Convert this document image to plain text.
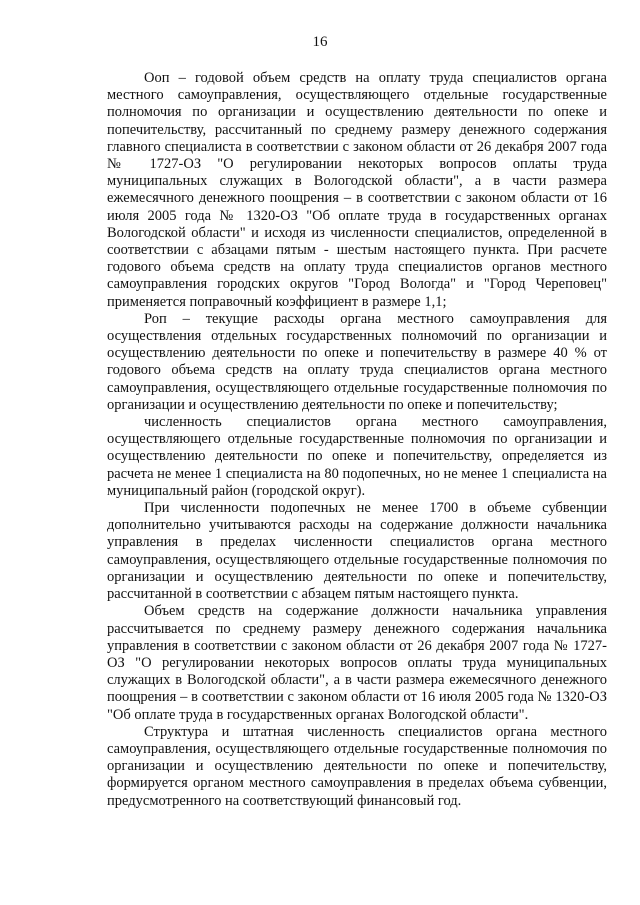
16

Ооп – годовой объем средств на оплату труда специалистов органа местного самоуправления, осуществляющего отдельные государственные полномочия по организации и осуществлению деятельности по опеке и попечительству, рассчитанный по среднему размеру денежного содержания главного специалиста в соответствии с законом области от 26 декабря 2007 года № 1727-ОЗ "О регулировании некоторых вопросов оплаты труда муниципальных служащих в Вологодской области", а в части размера ежемесячного денежного поощрения – в соответствии с законом области от 16 июля 2005 года № 1320-ОЗ "Об оплате труда в государственных органах Вологодской области" и исходя из численности специалистов, определенной в соответствии с абзацами пятым - шестым настоящего пункта. При расчете годового объема средств на оплату труда специалистов органов местного самоуправления городских округов "Город Вологда" и "Город Череповец" применяется поправочный коэффициент в размере 1,1;

Роп – текущие расходы органа местного самоуправления для осуществления отдельных государственных полномочий по организации и осуществлению деятельности по опеке и попечительству в размере 40 % от годового объема средств на оплату труда специалистов органа местного самоуправления, осуществляющего отдельные государственные полномочия по организации и осуществлению деятельности по опеке и попечительству;

численность специалистов органа местного самоуправления, осуществляющего отдельные государственные полномочия по организации и осуществлению деятельности по опеке и попечительству, определяется из расчета не менее 1 специалиста на 80 подопечных, но не менее 1 специалиста на муниципальный район (городской округ).

При численности подопечных не менее 1700 в объеме субвенции дополнительно учитываются расходы на содержание должности начальника управления в пределах численности специалистов органа местного самоуправления, осуществляющего отдельные государственные полномочия по организации и осуществлению деятельности по опеке и попечительству, рассчитанной в соответствии с абзацем пятым настоящего пункта.

Объем средств на содержание должности начальника управления рассчитывается по среднему размеру денежного содержания начальника управления в соответствии с законом области от 26 декабря 2007 года № 1727-ОЗ "О регулировании некоторых вопросов оплаты труда муниципальных служащих в Вологодской области", а в части размера ежемесячного денежного поощрения – в соответствии с законом области от 16 июля 2005 года № 1320-ОЗ "Об оплате труда в государственных органах Вологодской области".

Структура и штатная численность специалистов органа местного самоуправления, осуществляющего отдельные государственные полномочия по организации и осуществлению деятельности по опеке и попечительству, формируется органом местного самоуправления в пределах объема субвенции, предусмотренного на соответствующий финансовый год.
